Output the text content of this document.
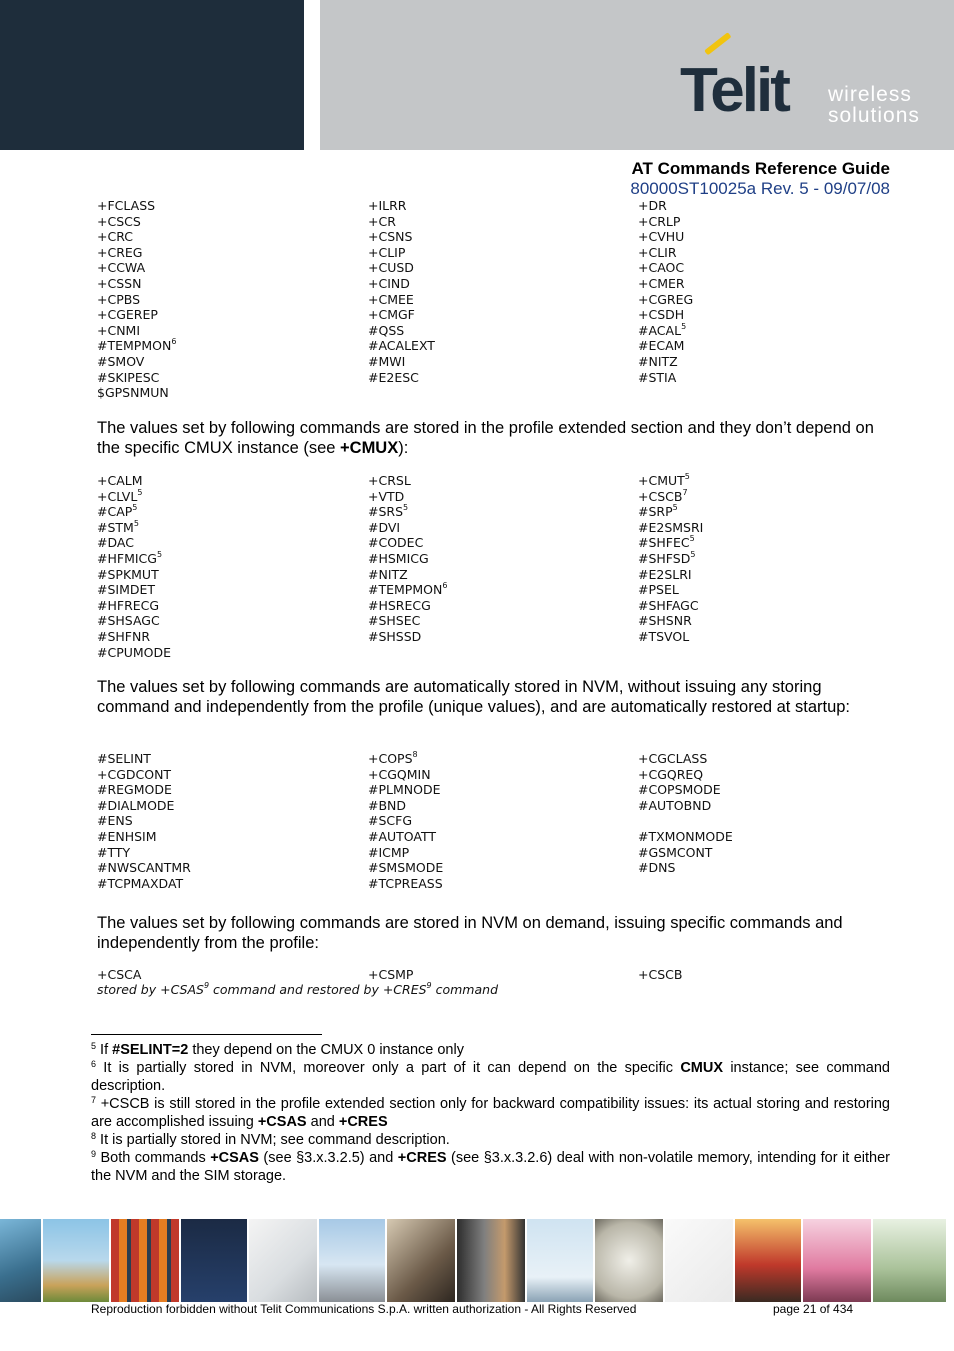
Telit wireless
solutions
AT Commands Reference Guide
80000ST10025a Rev. 5 - 09/07/08
+FCLASS	+ILRR	+DR
+CSCS	+CR	+CRLP
+CRC	+CSNS	+CVHU
+CREG	+CLIP	+CLIR
+CCWA	+CUSD	+CAOC
+CSSN	+CIND	+CMER
+CPBS	+CMEE	+CGREG
+CGEREP	+CMGF	+CSDH
+CNMI	#QSS	#ACAL$^5$
#TEMPMON$^6$	#ACALEXT	#ECAM
#SMOV	#MWI	#NITZ
#SKIPESC	#E2ESC	#STIA
$GPSNMUN
The values set by following commands are stored in the profile extended section and they don’t depend on the specific CMUX instance (see +CMUX):
+CALM	+CRSL	$+CMUT^5$
$+CLVL^5$	+VTD	$+CSCB^7$
#CAP$^5$	#SRS$^5$	#SRP$^5$
#STM$^5$	#DVI	#E2SMSRI
#DAC	#CODEC	#SHFEC$^5$
#HFMICG$^5$	#HSMICG	#SHFSD$^5$
#SPKMUT	#NITZ	#E2SLRI
#SIMDET	#TEMPMON$^6$	#PSEL
#HFRECG	#HSRECG	#SHFAGC
#SHSAGC	#SHSEC	#SHSNR
#SHFNR	#SHSSD	#TSVOL
#CPUMODE
The values set by following commands are automatically stored in NVM, without issuing any storing command and independently from the profile (unique values), and are automatically restored at startup:
#SELINT	$+COPS^8$	+CGCLASS
+CGDCONT	+CGQMIN	+CGQREQ
#REGMODE	#PLMNODE	#COPSMODE
#DIALMODE	#BND	#AUTOBND
#ENS	#SCFG
#ENHSIM	#AUTOATT	#TXMONMODE
#TTY	#ICMP	#GSMCONT
#NWSCANTMR	#SMSMODE	#DNS
#TCPMAXDAT	#TCPREASS
The values set by following commands are stored in NVM on demand, issuing specific commands and independently from the profile:
+CSCA	+CSMP	+CSCB
stored by $+CSAS^9$ command and restored by $+CRES^9$ command

$^5$ If #SELINT=2 they depend on the CMUX 0 instance only

$^6$ It is partially stored in NVM, moreover only a part of it can depend on the specific CMUX instance; see command description.

$^7$ +CSCB is still stored in the profile extended section only for backward compatibility issues: its actual storing and restoring are accomplished issuing +CSAS and +CRES

$^8$ It is partially stored in NVM; see command description.

$^9$ Both commands +CSAS (see §3.x.3.2.5) and +CRES (see §3.x.3.2.6) deal with non-volatile memory, intending for it either the NVM and the SIM storage.

Reproduction forbidden without Telit Communications S.p.A. written authorization - All Rights Reserved	page 21 of 434
